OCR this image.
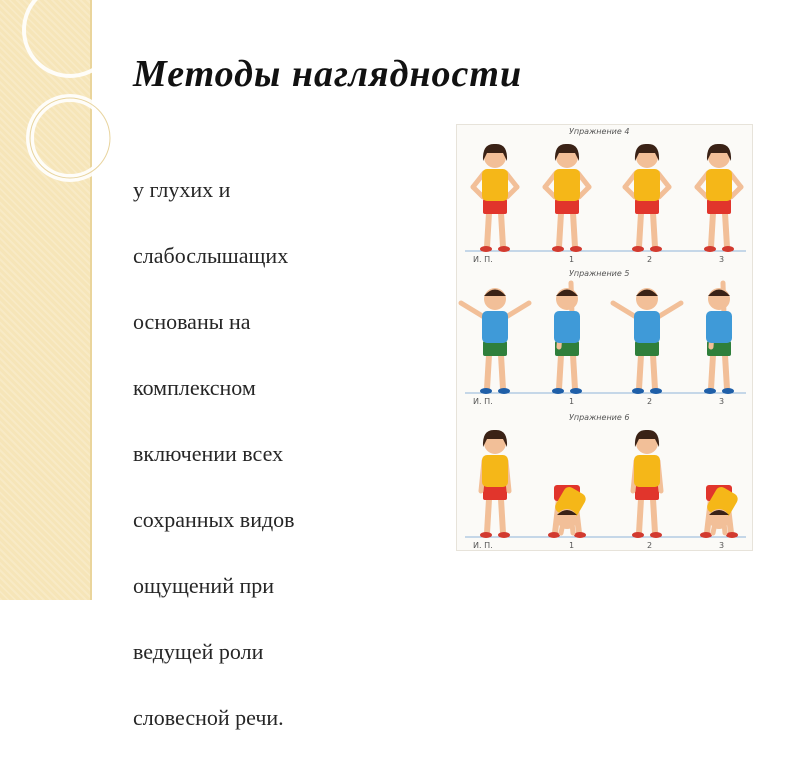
Методы наглядности

у глухих и

слабослышащих

основаны на

комплексном

включении всех

сохранных видов

ощущений при

ведущей роли

словесной речи.

Упражнение 4
И. П.	1	2	3
Упражнение 5
И. П.	1	2	3
Упражнение 6
И. П.	1	2	3
